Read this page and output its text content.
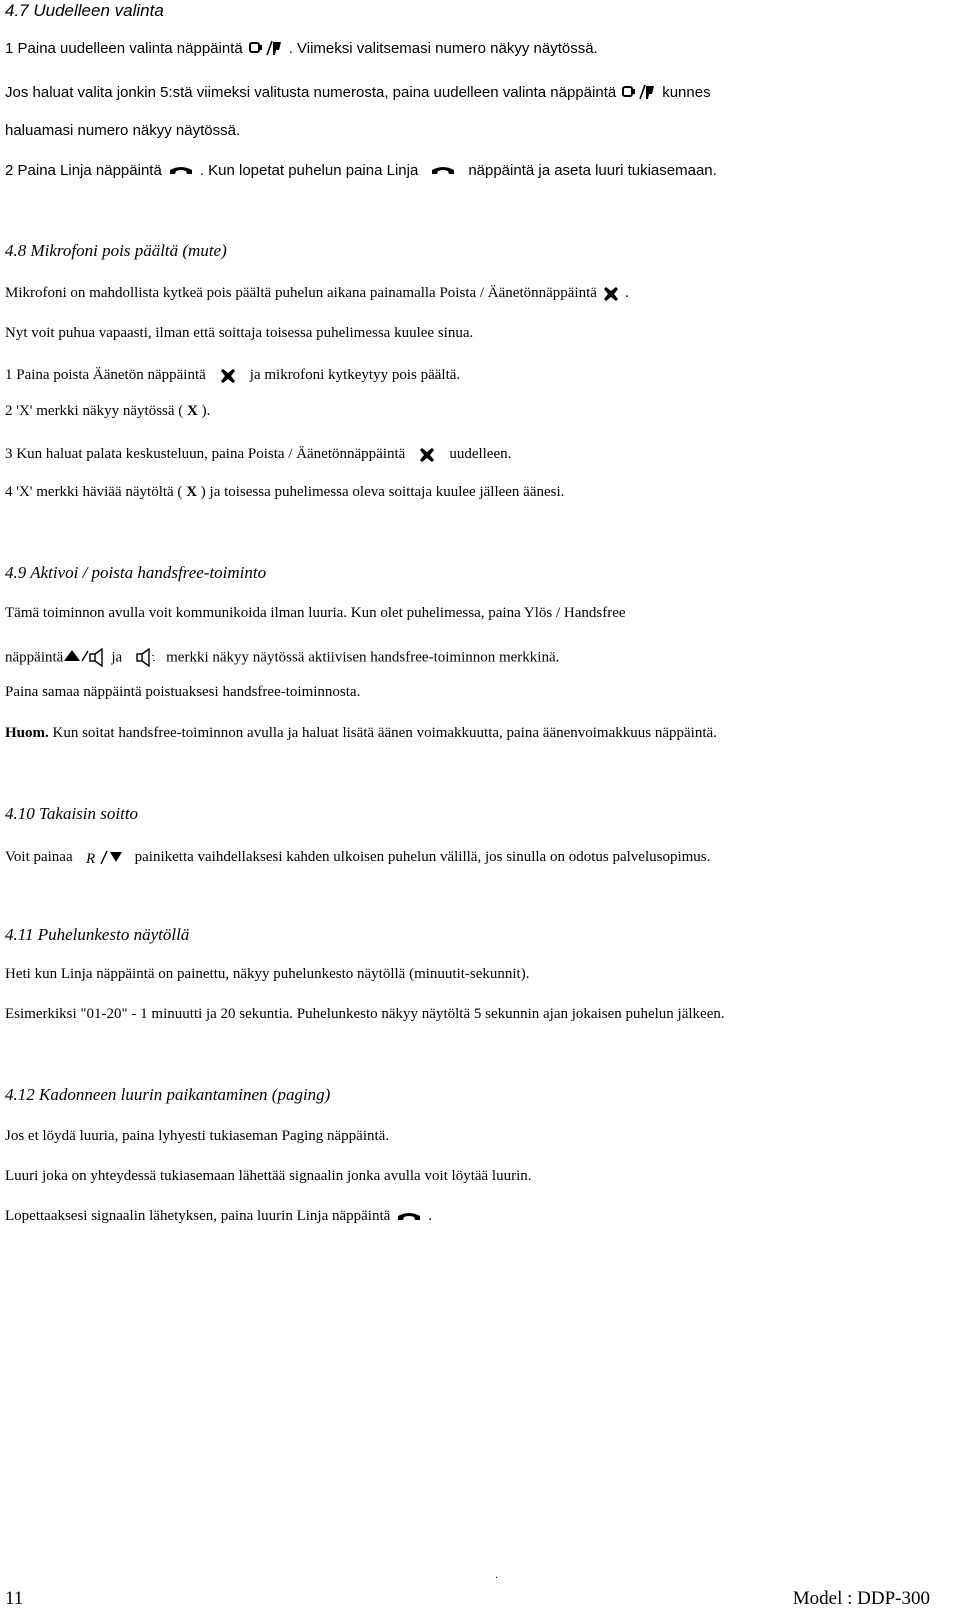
4.7 Uudelleen valinta
1 Paina uudelleen valinta näppäintä	. Viimeksi valitsemasi numero näkyy näytössä.
Jos haluat valita jonkin 5:stä viimeksi valitusta numerosta, paina uudelleen valinta näppäintä	kunnes
haluamasi numero näkyy näytössä.
2 Paina Linja näppäintä	. Kun lopetat puhelun paina Linja	näppäintä ja aseta luuri tukiasemaan.
4.8 Mikrofoni pois päältä (mute)
Mikrofoni on mahdollista kytkeä pois päältä puhelun aikana painamalla Poista / Äänetönnäppäintä .
Nyt voit puhua vapaasti, ilman että soittaja toisessa puhelimessa kuulee sinua.
1 Paina poista Äänetön näppäintä	ja mikrofoni kytkeytyy pois päältä.
2 'X' merkki näkyy näytössä ( X ).
3 Kun haluat palata keskusteluun, paina Poista / Äänetönnäppäintä	uudelleen.
4 'X' merkki häviää näytöltä ( X ) ja toisessa puhelimessa oleva soittaja kuulee jälleen äänesi.
4.9 Aktivoi / poista handsfree-toiminto
Tämä toiminnon avulla voit kommunikoida ilman luuria. Kun olet puhelimessa, paina Ylös / Handsfree
näppäintä	ja	merkki näkyy näytössä aktiivisen handsfree-toiminnon merkkinä.
Paina samaa näppäintä poistuaksesi handsfree-toiminnosta.
Huom. Kun soitat handsfree-toiminnon avulla ja haluat lisätä äänen voimakkuutta, paina äänenvoimakkuus näppäintä.
4.10 Takaisin soitto
Voit painaa R	painiketta vaihdellaksesi kahden ulkoisen puhelun välillä, jos sinulla on odotus palvelusopimus.
4.11 Puhelunkesto näytöllä
Heti kun Linja näppäintä on painettu, näkyy puhelunkesto näytöllä (minuutit-sekunnit).
Esimerkiksi "01-20" - 1 minuutti ja 20 sekuntia. Puhelunkesto näkyy näytöltä 5 sekunnin ajan jokaisen puhelun jälkeen.
4.12 Kadonneen luurin paikantaminen (paging)
Jos et löydä luuria, paina lyhyesti tukiaseman Paging näppäintä.
Luuri joka on yhteydessä tukiasemaan lähettää signaalin jonka avulla voit löytää luurin.
Lopettaaksesi signaalin lähetyksen, paina luurin Linja näppäintä	.
.
11	Model : DDP-300
